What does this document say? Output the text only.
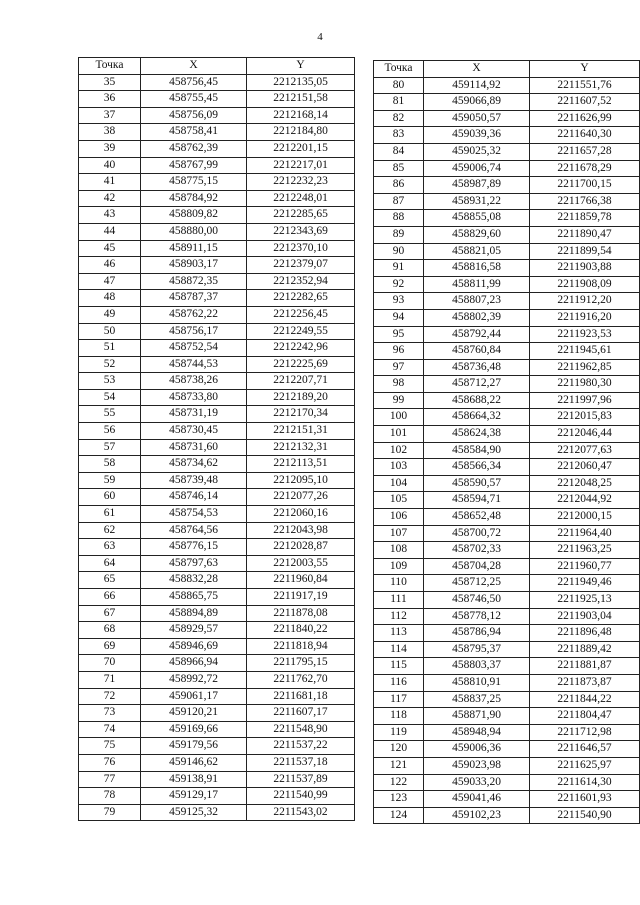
4
Точка	X	Y
35	458756,45	2212135,05
36	458755,45	2212151,58
37	458756,09	2212168,14
38	458758,41	2212184,80
39	458762,39	2212201,15
40	458767,99	2212217,01
41	458775,15	2212232,23
42	458784,92	2212248,01
43	458809,82	2212285,65
44	458880,00	2212343,69
45	458911,15	2212370,10
46	458903,17	2212379,07
47	458872,35	2212352,94
48	458787,37	2212282,65
49	458762,22	2212256,45
50	458756,17	2212249,55
51	458752,54	2212242,96
52	458744,53	2212225,69
53	458738,26	2212207,71
54	458733,80	2212189,20
55	458731,19	2212170,34
56	458730,45	2212151,31
57	458731,60	2212132,31
58	458734,62	2212113,51
59	458739,48	2212095,10
60	458746,14	2212077,26
61	458754,53	2212060,16
62	458764,56	2212043,98
63	458776,15	2212028,87
64	458797,63	2212003,55
65	458832,28	2211960,84
66	458865,75	2211917,19
67	458894,89	2211878,08
68	458929,57	2211840,22
69	458946,69	2211818,94
70	458966,94	2211795,15
71	458992,72	2211762,70
72	459061,17	2211681,18
73	459120,21	2211607,17
74	459169,66	2211548,90
75	459179,56	2211537,22
76	459146,62	2211537,18
77	459138,91	2211537,89
78	459129,17	2211540,99
79	459125,32	2211543,02
Точка	X	Y
80	459114,92	2211551,76
81	459066,89	2211607,52
82	459050,57	2211626,99
83	459039,36	2211640,30
84	459025,32	2211657,28
85	459006,74	2211678,29
86	458987,89	2211700,15
87	458931,22	2211766,38
88	458855,08	2211859,78
89	458829,60	2211890,47
90	458821,05	2211899,54
91	458816,58	2211903,88
92	458811,99	2211908,09
93	458807,23	2211912,20
94	458802,39	2211916,20
95	458792,44	2211923,53
96	458760,84	2211945,61
97	458736,48	2211962,85
98	458712,27	2211980,30
99	458688,22	2211997,96
100	458664,32	2212015,83
101	458624,38	2212046,44
102	458584,90	2212077,63
103	458566,34	2212060,47
104	458590,57	2212048,25
105	458594,71	2212044,92
106	458652,48	2212000,15
107	458700,72	2211964,40
108	458702,33	2211963,25
109	458704,28	2211960,77
110	458712,25	2211949,46
111	458746,50	2211925,13
112	458778,12	2211903,04
113	458786,94	2211896,48
114	458795,37	2211889,42
115	458803,37	2211881,87
116	458810,91	2211873,87
117	458837,25	2211844,22
118	458871,90	2211804,47
119	458948,94	2211712,98
120	459006,36	2211646,57
121	459023,98	2211625,97
122	459033,20	2211614,30
123	459041,46	2211601,93
124	459102,23	2211540,90
